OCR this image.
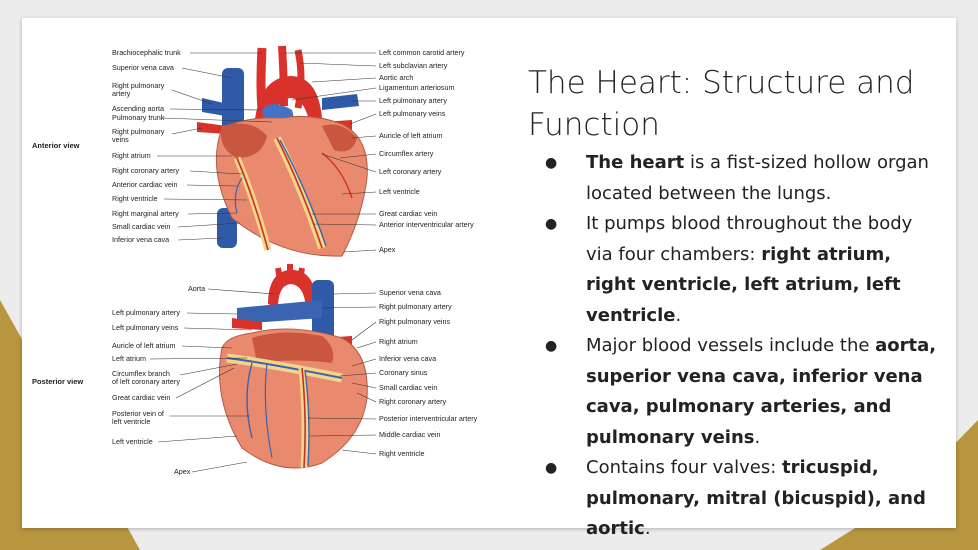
Anterior view
Brachiocephalic trunk
Superior vena cava
Right pulmonary
artery
Ascending aorta
Pulmonary trunk
Right pulmonary
veins
Right atrium
Right coronary artery
Anterior cardiac vein
Right ventricle
Right marginal artery
Small cardiac vein
Inferior vena cava
Left common carotid artery
Left subclavian artery
Aortic arch
Ligamentum arteriosum
Left pulmonary artery
Left pulmonary veins
Auricle of left atrium
Circumflex artery
Left coronary artery
Left ventricle
Great cardiac vein
Anterior interventricular artery
Apex
Posterior view
Aorta
Left pulmonary artery
Left pulmonary veins
Auricle of left atrium
Left atrium
Circumflex branch
of left coronary artery
Great cardiac vein
Posterior vein of
left ventricle
Left ventricle
Apex
Superior vena cava
Right pulmonary artery
Right pulmonary veins
Right atrium
Inferior vena cava
Coronary sinus
Small cardiac vein
Right coronary artery
Posterior interventricular artery
Middle cardiac vein
Right ventricle
The Heart: Structure and Function
● The heart is a fist-sized hollow organ located between the lungs.
● It pumps blood throughout the body via four chambers: right atrium, right ventricle, left atrium, left ventricle.
● Major blood vessels include the aorta, superior vena cava, inferior vena cava, pulmonary arteries, and pulmonary veins.
● Contains four valves: tricuspid, pulmonary, mitral (bicuspid), and aortic.
